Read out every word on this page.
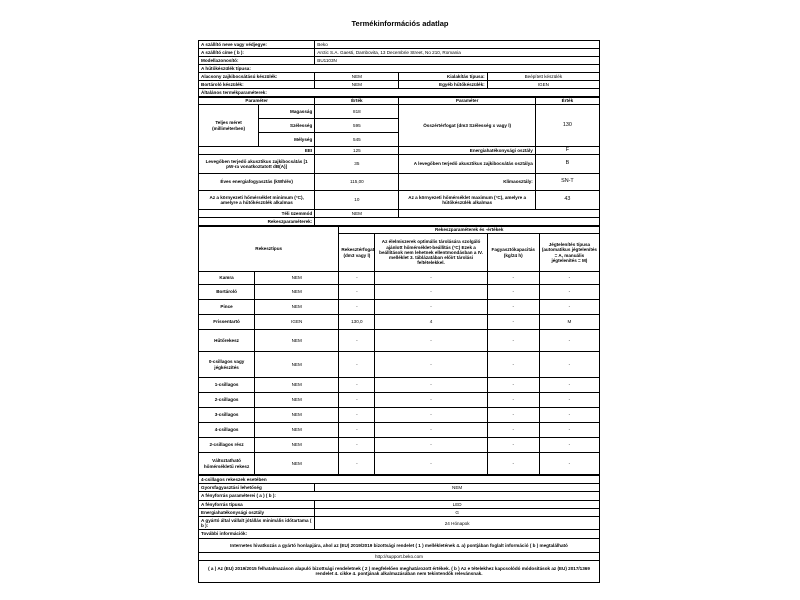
Termékinformációs adatlap
A szállító neve vagy védjegye:	Beko		
A szállító címe ( b ):	Arctic S.A. Gaesti, Dambovita, 13 Decembrie Street, No 210, Romania		
Modellazonosító:	BU1103N		
A hűtőkészülék típusa:			
Alacsony zajkibocsátású készülék:	NEM	Kialakítás típusa:	Beépített készülék
Bortároló készülék:	NEM	Egyéb hűtőkészülék:	IGEN
Általános termékparaméterek:			
Paraméter		Érték	Paraméter	Érték
Teljes méret (milliméterben)	Magasság	818	Összértérfogat (dm3 Szélesség x vagy l)	130
	Szélesség	595		
	Mélység	545		
EEI		125	Energiahatékonysági osztály	F
Levegőben terjedő akusztikus zajkibocsátás [1 pW-ra vonatkoztatott dB(A)]		35	A levegőben terjedő akusztikus zajkibocsátás osztálya	B
Éves energiafogyasztás (kWh/év)		115,00	Klímaosztály:	SN-T
Az a környezeti hőmérséklet minimum (°C), amelyre a hűtőkészülék alkalmas		10	Az a környezeti hőmérséklet maximum (°C), amelyre a hűtőkészülék alkalmas	43
Téli üzemmód		NEM		
Rekeszparaméterek:				
Rekesztípus		Rekeszparaméterek és -értékek			
		Rekesztérfogat (dm3 vagy l)	Az élelmiszerek optimális tárolására szolgáló ajánlott hőmérséklet-beállítás (°C) Ezek a beállítások nem lehetnek ellentmondásban a IV. melléklet 3. táblázatában előírt tárolási feltételekkel.	Fagyasztókapacitás (kg/24 h)	Jégtelenítés típusa (automatikus jégtelenítés = A, manuális jégtelenítés = M)
Kamra	NEM	-	-	-	-
Bortároló	NEM	-	-	-	-
Pince	NEM	-	-	-	-
Frissentartó	IGEN	130,0	4	-	M
Hűtőrekesz	NEM	-	-	-	-
0-csillagos vagy jégkészítés	NEM	-	-	-	-
1-csillagos	NEM	-	-	-	-
2-csillagos	NEM	-	-	-	-
3-csillagos	NEM	-	-	-	-
4-csillagos	NEM	-	-	-	-
2-csillagos rész	NEM	-	-	-	-
Változtatható hőmérsékletű rekesz	NEM	-	-	-	-
4-csillagos rekeszek esetében	
Gyorsfagyasztási lehetőség	NEM
A fényforrás paraméterei ( a ) ( b ):	
A fényforrás típusa	LED
Energiahatékonysági osztály	G
A gyártó által vállalt jótállás minimális időtartama ( b ):	24 Hónapok
További információk:	
Internetes hivatkozás a gyártó honlapjára, ahol az (EU) 2019/2019 bizottsági rendelet ( 1 ) mellékletének 4. a) pontjában foglalt információ ( b ) megtalálható	
http://support.beko.com	
( a ) Az (EU) 2019/2015 felhatalmazáson alapuló bizottsági rendeletnek ( 2 ) megfelelően meghatározott értékek. ( b ) Az e tételekhez kapcsolódó módosítások az (EU) 2017/1369 rendelet 4. cikke 4. pontjának alkalmazásában nem tekintendők relevánsnak.	
